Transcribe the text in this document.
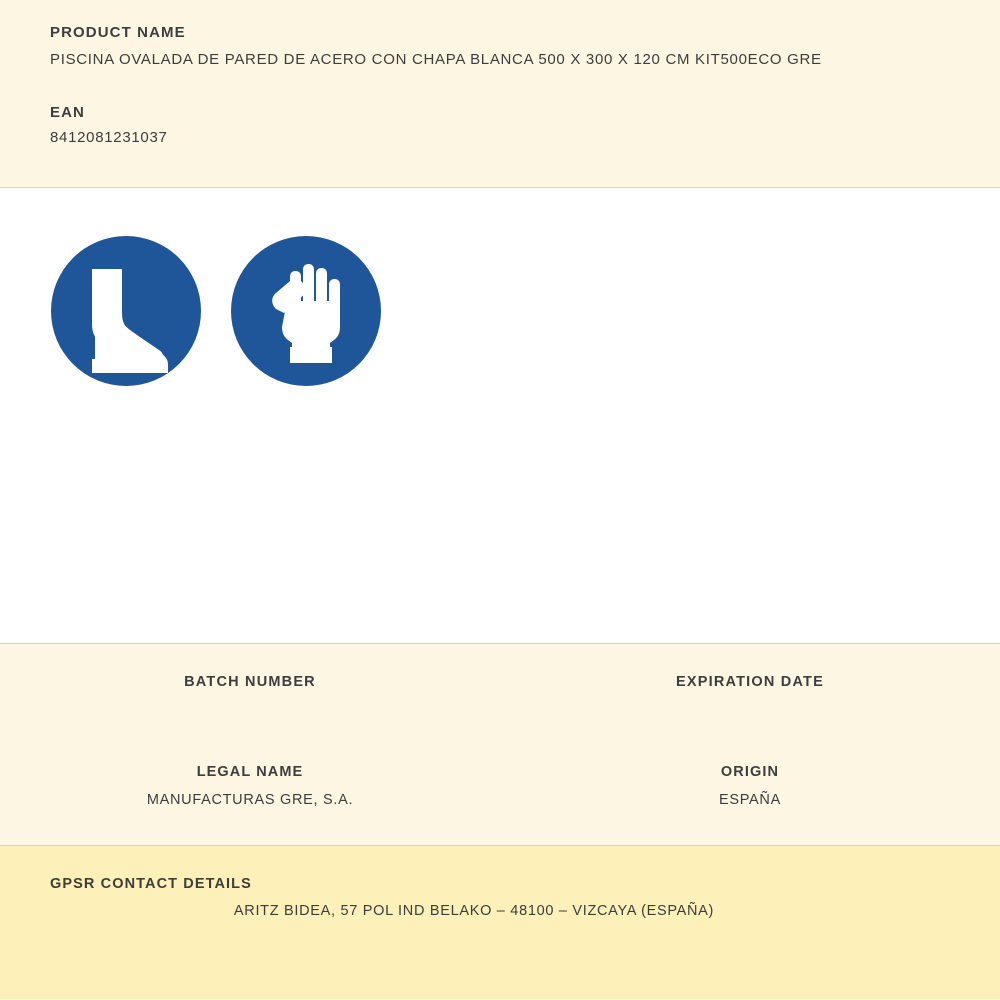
PRODUCT NAME
PISCINA OVALADA DE PARED DE ACERO CON CHAPA BLANCA 500 X 300 X 120 CM KIT500ECO GRE
EAN
8412081231037
BATCH NUMBER	EXPIRATION DATE
LEGAL NAME
MANUFACTURAS GRE, S.A.
ORIGIN
ESPAÑA
GPSR CONTACT DETAILS
ARITZ BIDEA, 57 POL IND BELAKO – 48100 – VIZCAYA (ESPAÑA)
